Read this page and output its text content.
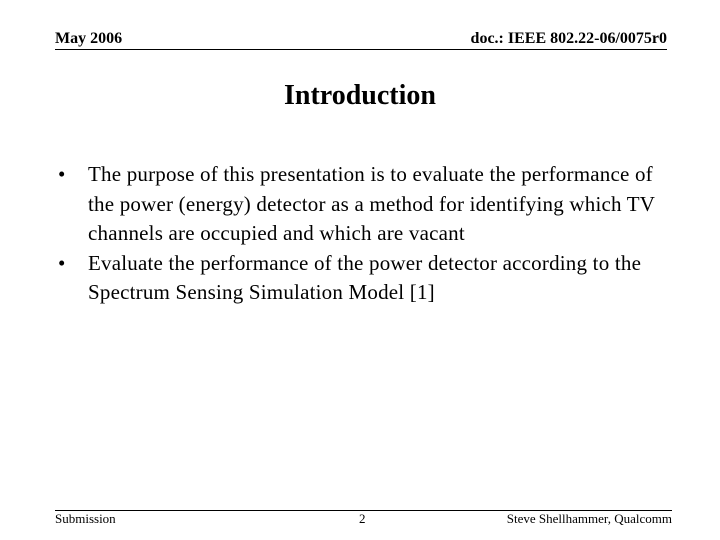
May 2006	doc.: IEEE 802.22-06/0075r0
Introduction
•	The purpose of this presentation is to evaluate the performance of the power (energy) detector as a method for identifying which TV channels are occupied and which are vacant
•	Evaluate the performance of the power detector according to the Spectrum Sensing Simulation Model [1]
Submission	2	Steve Shellhammer, Qualcomm
